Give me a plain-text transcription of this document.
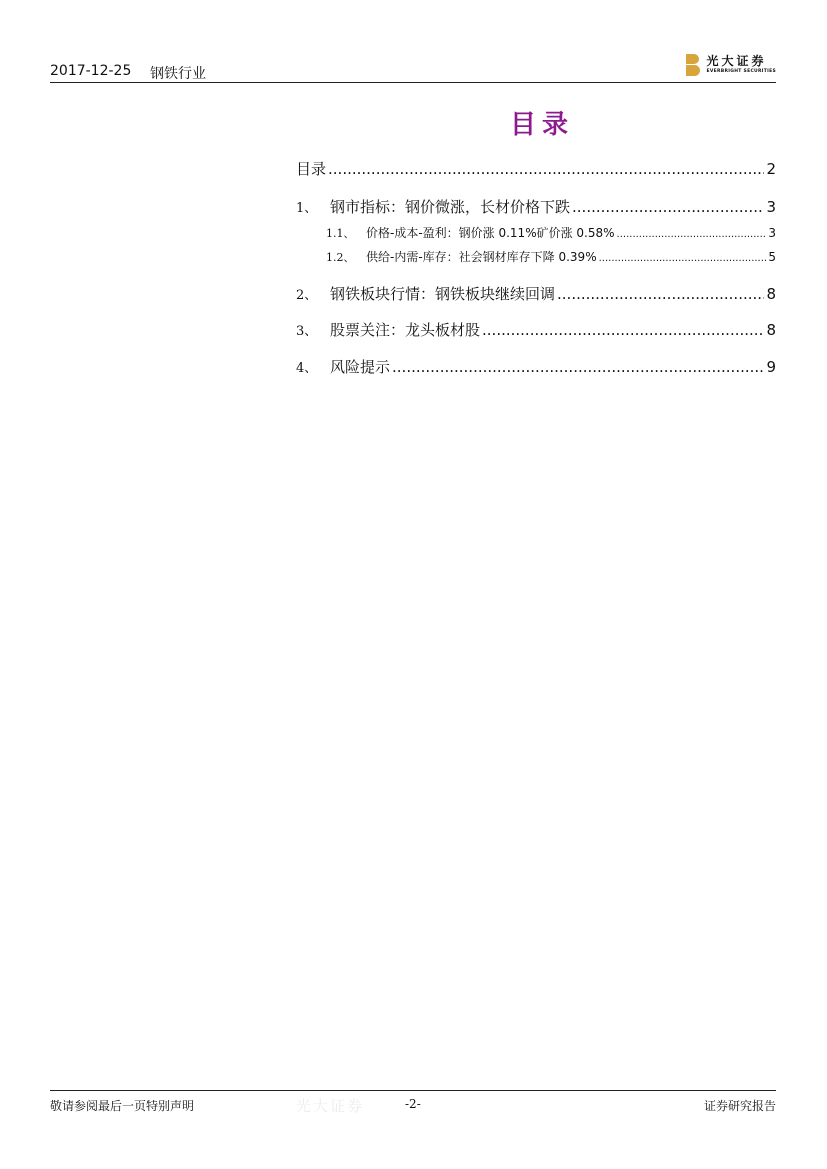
2017-12-25 钢铁行业
光大证券
EVERBRIGHT SECURITIES
目录
目录 .....	2
1、 钢市指标：钢价微涨，长材价格下跌 .....	3
1.1、 价格-成本-盈利：钢价涨 0.11%矿价涨 0.58% .....	3
1.2、 供给-内需-库存：社会钢材库存下降 0.39% .....	5
2、 钢铁板块行情：钢铁板块继续回调 .....	8
3、 股票关注：龙头板材股 .....	8
4、 风险提示 .....	9
敬请参阅最后一页特别声明	光大证券	-2-	证券研究报告
